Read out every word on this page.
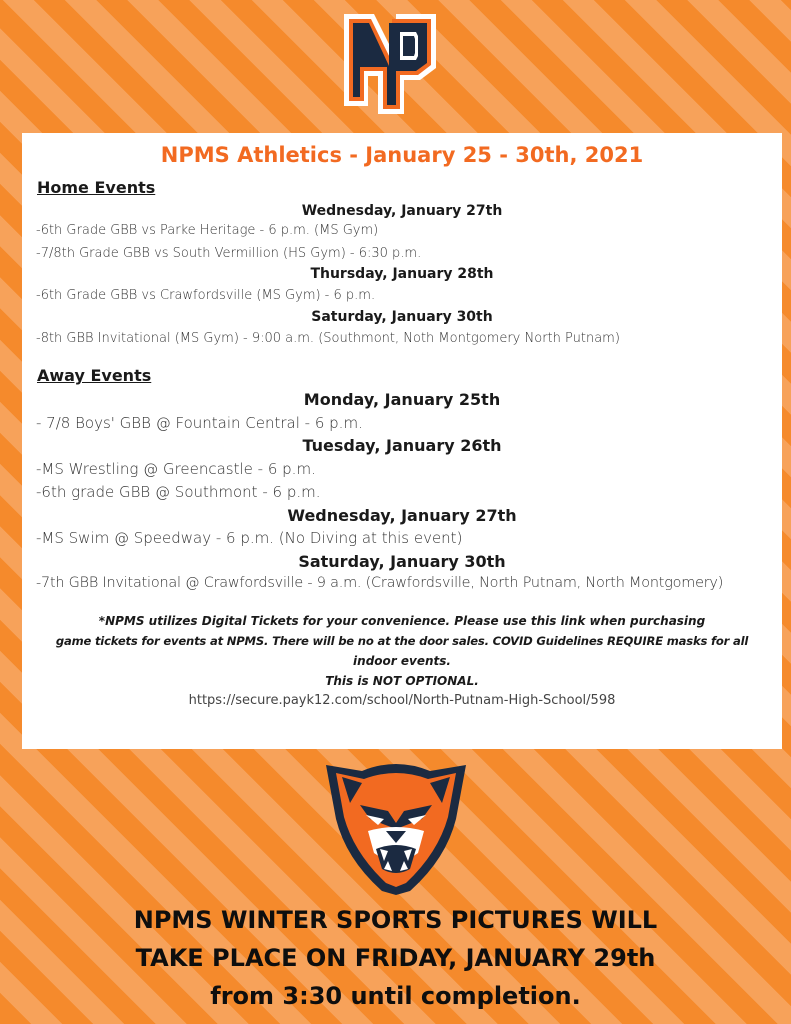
NPMS Athletics - January 25 - 30th, 2021
Home Events
Wednesday, January 27th
-6th Grade GBB vs Parke Heritage - 6 p.m. (MS Gym)
-7/8th Grade GBB vs South Vermillion (HS Gym) - 6:30 p.m.
Thursday, January 28th
-6th Grade GBB vs Crawfordsville (MS Gym) - 6 p.m.
Saturday, January 30th
-8th GBB Invitational (MS Gym) - 9:00 a.m. (Southmont, Noth Montgomery North Putnam)
Away Events
Monday, January 25th
- 7/8 Boys' GBB @ Fountain Central - 6 p.m.
Tuesday, January 26th
-MS Wrestling @ Greencastle - 6 p.m.
-6th grade GBB @ Southmont - 6 p.m.
Wednesday, January 27th
-MS Swim @ Speedway - 6 p.m. (No Diving at this event)
Saturday, January 30th
-7th GBB Invitational @ Crawfordsville - 9 a.m. (Crawfordsville, North Putnam, North Montgomery)
*NPMS utilizes Digital Tickets for your convenience. Please use this link when purchasing
game tickets for events at NPMS. There will be no at the door sales. COVID Guidelines REQUIRE masks for all
indoor events.
This is NOT OPTIONAL.
https://secure.payk12.com/school/North-Putnam-High-School/598
NPMS WINTER SPORTS PICTURES WILL
TAKE PLACE ON FRIDAY, JANUARY 29th
from 3:30 until completion.
